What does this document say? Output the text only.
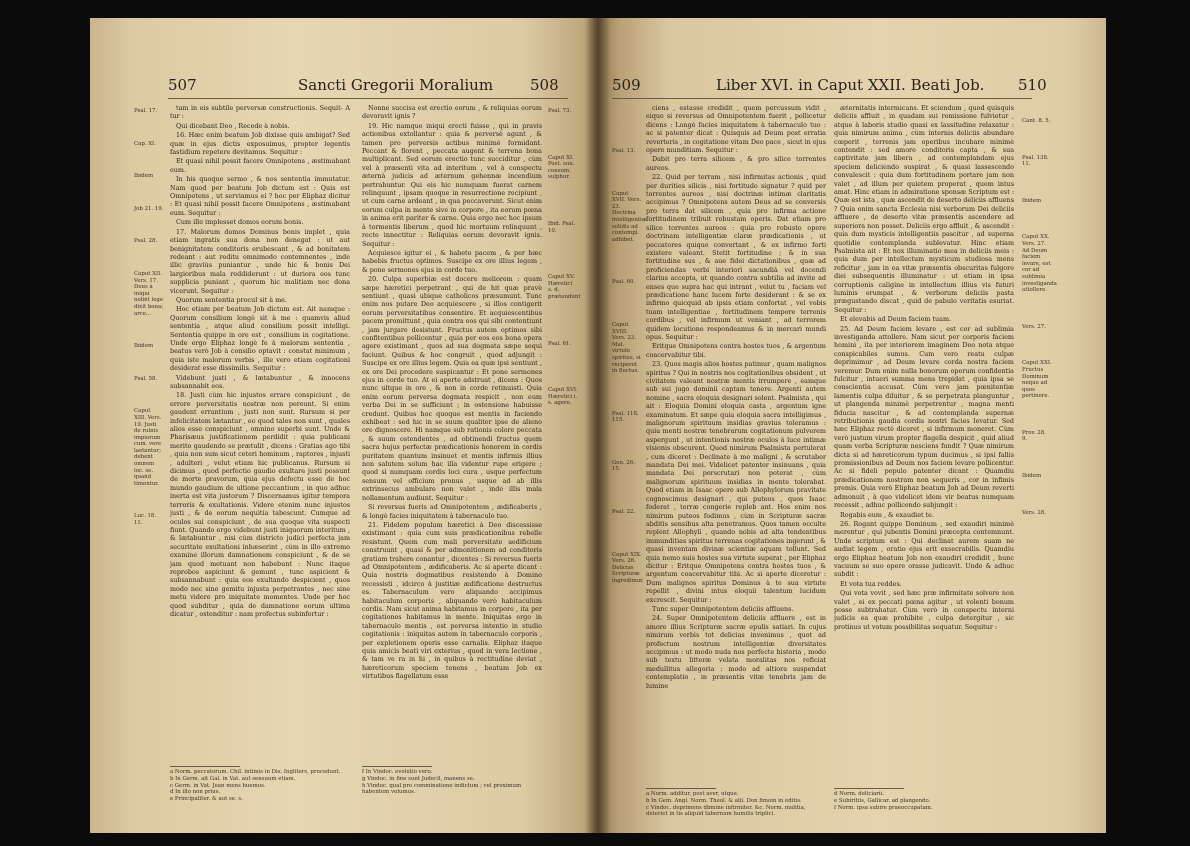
507	Sancti Gregorii Moralium 508
Psal. 17.
Cap. XI.
Ibidem
Job 21. 19.
Psal. 28.
Caput XII. Vers. 17. Deus à iniqui nolint lege dixit bona; arce...
Ibidem
Psal. 58.
Caput XIII. Vers. 19. Justi de ruinis impiorum cum. vere laetantur; debent omnem loc. se. quand timentur.
Luc. 18. 11.

tam in eis subtile perversæ constructionis. Sequit- A tur :

Qui dicebant Deo , Recede à nobis.

16. Hæc enim beatum Job dixisse quis ambigat? Sed quæ in ejus dictis exposuimus, propter legentis fastidium repetere devitamus. Sequitur :

Et quasi nihil possit facere Omnipotens , æstimabant eum.

In his quoque sermo , & nos sententia immutatur. Nam quod per beatum Job dictum est : Quis est Omnipotens , ut serviamus ei ? hoc per Eliphaz dicitur : Et quasi nihil possit facere Omnipotens , æstimabant eum. Sequitur :

Cum ille implesset domos eorum bonis.

17. Malorum domos Dominus bonis implet , quia etiam ingratis sua dona non denegat : ut aut benignitatem conditoris erubescant , & ad bonitatem redeant : aut reditu omnimodo contemnentes , inde illic graviùs puniantur , unde hic & bonis Dei largioribus mala reddiderunt : ut duriora eos tunc supplicia puniant , quorum hic malitiam nec dona vicerunt. Sequitur :

Quorum sententia procul sit à me.

Hoc etiam per beatum Job dictum est. Ait namque : Quorum consilium longè sit à me : quamvis aliud sententia , atque aliud consilium possit intelligi. Sententia quippe in ore est , consilium in cogitatione. Unde ergo Eliphaz longè fe à malorum sententia , beatus verò Job à consilio optavit : constat minimum , quia iste malorum verbis , ille vero etiam cogitationi desiderat esse dissimilis. Sequitur :

Videbunt justi , & lætabuntur , & innocens subsannabit eos.

18. Justi cùm hic injustos errare conspiciunt , de errore perversitatis nostræ non pereunt. Si enim gaudent errantium , justi non sunt. Rursum si per infelicitatem lætantur , eo quod tales non sunt , quales alios esse conspiciunt , omnino superbi sunt. Unde & Pharisæus justificationem perdidit : quia publicani merito gaudendo se prætulit , dicens : Gratias ago tibi , quia non sum sicut ceteri hominum , raptores , injusti , adulteri , velut etiam hic publicanus. Rursum si dicimus , quod perfectio gaudio exultare justi possunt de morte pravorum, quia ejus defectu esse de hoc mundo gaudium de ultione peccantium , in quo adhuc inerta est vita justorum ? Discernamus igitur tempora terroris & exultationis. Videre etenim nunc injustos justi , & de eorum nequitia tabescunt. Cumque ad oculos sui conspiciunt , de sua quoque vita suspecti fiunt. Quando ergo videbunt justi iniquorum interitum , & lætabuntur , nisi cùm districto judici perfecta jam securitate exultationi inhæserint , cùm in illo extremo examine illorum damnationem conspiciunt , & de se jam quod metuant non habebunt : Nunc itaque reprobos aspiciunt & gemunt , tunc aspicient & subsannabunt : quia eos exultando despicient , quos modo nec sine gemitu injusta perpetrantes , nec sine metu videre pro iniquitate momentes. Unde per hoc quod subditur , quia de damnatione eorum ultima dicatur , ostenditur : nam profectus subinfertur :

Nonne succisa est erectio eorum , & reliquias eorum devoravit ignis ?

19. Hic namque iniqui erecti fuisse , qui in pravis actionibus extollantur : quia & perversè agunt , & tamen pro perversis actibus minimè formidant. Peccant & florent , peccata augent & terrena bona multiplicant. Sed eorum erectio tunc succiditur , cùm vel à præsenti vita ad interitum , vel à conspectu æternà judicis ad æternum gehennæ incendium pertrahuntur. Qui eis hic numquam fuerat carnem relinquunt , ipsam quoque in resurrectione recipiunt , ut cum carne ardeant , in qua peccaverunt. Sicut enim eorum culpa in mente sive in corpore , ita eorum pœna in anima erit pariter & carne. Quia ergo nec hoc ipsum à tormentis liberum , quod hic mortuum relinquunt , recte innectitur : Reliquias eorum devoravit ignis. Sequitur :

Acquiesce igitur ei , & habeto pacem , & per hæc habebis fructus optimos. Suscipe ex ore illius legem , & pone sermones ejus in corde tuo.

20. Culpa superbiæ est docere meliorem : quam sæpe hæretici perpetrant , qui de hit quæ pravè sentiunt , quasi ubique catholicos præsumunt. Tunc enim nos putare Deo acquiescere , si illos contigerit eorum perversitatibus consentire. Et acquiescentibus pacem promittunt , quia contra eos qui sibi contentiunt , jam jurgare desistunt. Fructus autem optimos sibi confitentibus pollicentur , quia per eos eos bona opera agere existimant , quos ad sua dogmata sæpe sequi faciunt. Quibus & hoc congruit , quod adjungit : Suscipe ex ore illius legem. Quia ea quæ ipsi sentiunt , ex ore Dei procedere suspicantur : Et pone sermones ejus in corde tuo. At ei aperte adstruat , dicens : Quos nunc ultque in ore , & non in corde retinuisti. Quia enim eorum perversa dogmata respicit , non eum verba Dei in se sufficiunt ; in ostensione habuisse credunt. Quibus hoc quoque est mentis in faciendo exhibeat : sed hic in se suum qualiter ipse de alieno ore dignoscere. Hi namque sub rationis colore peccata , & suum ostendentes , ad obtinendi fructus quem sacra hujus perfectæ prædicationis honorem in cordis puritatem quantum insinuet et mentis infirmis illius non salutem solum hac illa videntur rupe erigere ; quod si numquam cordis loci cura , usque perfectum sensum vel officium pronus , usque ad ab illis extrinsecus ambulare non valet , inde illis mala nollamentum audiunt. Sequitur :

Si reversus fueris ad Omnipotentem , ædificaberis , & longè facies iniquitatem à tabernaculo tuo.

21. Fidelem populum hæretici à Deo discessisse existimant : quia cum suis prædicationibus rebelle resistunt. Quem cum mali perversitate aedificium construunt , quasi & per admonitionem ad conditoris gratiam trahere conantur , dicentes : Si reversus fueris ad Omnipotentem , ædificaberis. Ac si aperte dicant : Quia nostris dogmatibus resistendo à Domino recessisti , idcirco à justitiæ ædificatione destructus es. Tabernaculum vero aliquando accipimus habitaculum corporis , aliquando verò habitaculum cordis. Nam sicut anima habitamus in corpore , ita per cogitationes habitamus in mente. Iniquitas ergo in tabernaculo mentis , est perversa intentio in studio cogitationis : iniquitas autem in tabernaculo corporis , per expletionem operis esse carnalis. Eliphaz itaque quia amicis beati viri exterius , quod in vera lectione , & tam ve ra in hi , in quibus à rectitudine deviat , hæreticorum speciem tenens , beatum Job ex virtutibus flagellatum esse

Psal. 73.
Caput XI. Post. suu. consum. sulphur.
Ibid. Psal. 10.
Caput XV. Hæretici s. d. prætendunt
Psal. 61.
Caput XVI. Hæretici i. s. agere.
a Norm. peccatorum. Chil. intimis in Dis. Ingliters, procedunt.
b In Germ. ait Gal. in Vat. aut sensuum etiam.
c Germ. in Vat. Jean mens huemus.
d In illo non prius.
e Principaliter. & aut se. s.
f In Vindoc. evolutio vero.
g Vindoc. in fine sunt Judecil, manens se.
h Vindoc. qual pro comminatione indictum ; vel proximum habentem volumus.
509	Liber XVI. in Caput XXII. Beati Job. 510
Psal. 13.
Caput XVII. Vers. 23. Doctrina intelligentiæ solidis ad contempl. adhibet.
Psal. 60.
Caput XVIII. Vers. 23. Mal. virtute spiritus, si reciperet in fluctus.
Psal. 118. 115.
Gen. 26. 15.
Psal. 22.
Caput XIX. Vers. 26. Delicias Scripturæ ingredimur.

ciens , estasse credidit , quem percussum vidit , eique si reversus ad Omnipotentem fuerit , pollicetur dicens : Longè facies iniquitatem à tabernaculo tuo : ac si patenter dicat : Quisquis ad Deum post erratia reverteris , in cogitatione vitam Deo pace , sicut in ejus opere munditiam. Sequitur :

Dabit pro terra silicem , & pro silice torrentes aureos.

22. Quid per terram , nisi infirmitas actionis , quid per durities silicis , nisi fortitudo signatur ? quid per torrentes aureos , nisi doctrinæ intimæ claritatis accipimus ? Omnipotens autem Deus ad se conversis pro terra dat silicem , quia pro infirma actione fortitudinem tribuit robustam operis. Dat etiam pro silice torrentes aureos : quia pro robusto opere doctrinam intelligentiæ claræ prædicationis , ut peccatores quique convertant , & ex infirmo forti existere valeant. Stetit fortitudine ; & in sua fortitudine sus , & aue fidei dictationibus , quæ ad proficiendas verbi interiorì sacundià vel docendi clarius accepta, ut quando contra subtilia ad invite ad enses que supra hac qui intrant , velut tu , faciam vel prædicatione hanc lucem forte desiderant : & se ex infirmo quicquid ab ipsis etiam confortat , vel vobis tuam intelligentiae , fortitudinem tempore terrenis cordibus , vel infirmum ut veniant , ad terrorem quidem locutione respondeamus & in mercari mundi opus. Sequitur :

Eritque Omnipotens contra hostes tuos , & argentum coacervabitur tibi.

23. Quos magis alios hostes patimur , quam malignos spiritus ? Qui in nostris nos cogitationibus obsident , ut civitatem valeant nostræ mentis irrumpere , eamque sub sui jugo dominii captam tenere. Argenti autem nomine , sacra eloquia designari solent. Psalmista , qui ait : Eloquia Domini eloquia casta , argentum igne examinatum. Et sæpe quia eloquia sacra intelligimus , malignorum spirituum insidias gravius toleramus : quia menti nostræ tenebrarum cogitationum pulverem aspergunt , ut intentionis nostræ oculos à luce intimæ visionis obscurent. Quod nimirum Psalmista pertulerat , cum diceret : Declinate à me maligni , & scrutabor mandata Dei mei. Videlicet patenter insinuans , quia mandata Dei perscrutari non poterat , cùm malignorum spirituum insidias in mente tolerabat. Quod etiam in Isaac opere sub Allophylorum pravitate cognoscimus designari , qui puteos , quos Isaac foderat , terræ congerie repleb ant. Hos enim nos nimirum puteos fodimus , cùm in Scripturæ sacræ abditis sensibus alta penetramus. Quos tamen occulte replent Allophyli , quando nobis ad alta tendentibus immunditias spiritus terrenas cogitationes ingerunt , & quasi inventam divinæ scientiæ aquam tollunt. Sed quia nemo suis hostes sua virtute superat , per Eliphaz dicitur : Eritque Omnipotens contra hostes tuos , & argentum coacervabitur tibi. Ac si aperte diceretur : Dum malignos spiritus Dominus à te sua virtute repellit , divini intus eloquii talentum lucidum excrescit. Sequitur :

Tunc super Omnipotentem deliciis affluens.

24. Super Omnipotentem deliciis affluere , est in amore illius Scripturæ sacræ epulis satiari. In cujus nimirum verbis tot delicias invenimus , quot ad profectum nostrum intelligentiæ diversitates accipimus : ut modo nuda nos perfecte historia , modo sub textu litteræ velata moralitas nos reficiat medullitus allegoria : modo ad altiora suspendat contemplatio , in præsentis vitæ tenebris jam de lumine

æternitatis intermicans. Et sciendum , quod quisquis deliciis affluit , in quadam sui remissione fulvietur , atque à laboris studio quasi ex lassitudine relaxatur : quia nimirum anima , cùm internis deliciis abundare cœperit , terrenis jam operibus incubare minimè contendit : sed amore conditoris capta , & sua captivitate jam libera , ad contemplandam ejus speciem deliciendo suspirat , & quasi lassescendo convalescit : quia dum fortitudinem portare jam non valet , ad illum per quietem properat , quem intus amat. Hinc etiam in admiratione sponsæ Scriptum est : Quæ est ista , quæ ascendit de deserto deliciis affluens ? Quia enim sancta Ecclesia nisi verborum Dei deliciis affluere , de deserto vitæ præsentis ascendere ad superiora non posset. Deliciis ergo affluit , & ascendit : quia dum mysticis intelligentiis pascitur , ad superna quotidie contemplanda sublevatur. Hinc etiam Psalmista ait : Et nox illuminatio mea in deliciis meis : quia dum per intellectum mysticum studiosa mens reficitur , jam in ea vitæ præsentis obscuritas fulgore diei subsequentis illuminatur : ut etiam in ipsa corruptionis caligine in intellectum illius vis futuri luminis erumpat , & verborum deliciis pasta prægustando discat , quid de pabulo veritatis esuriat. Sequitur :

Et elevabis ad Deum faciem tuam.

25. Ad Deum faciem levare , est cor ad sublimia investiganda attollere. Nam sicut per corporis faciem homini , ita per interiorem imaginem Deo nota atque conspicabiles sumus. Cum vero reatu culpæ deprimimur , ad Deum levare corda nostra faciem veremur. Dum enim nulla bonorum operum confidentia fulcitur , intueri summa mens trepidat , quia ipsa se conscientia accusat. Cùm vero jam pœnitentiæ lamentis culpa diluitur , & se perpetrata planguntur , ut plangenda minimè perpetrentur , magna menti fiducia nascitur , & ad contemplanda supernæ retributionis gaudia cordis nostri facies levatur. Sed hæc Eliphaz rectè diceret , si infirmum moneret. Cùm verò justum virum propter flagella despicit , quid aliud quam verba Scripturæ nesciens fundit ? Quæ nimirum dicta si ad hæreticorum typum ducimus , si ipsi fallis promissionibus ad Deum nos faciem levare pollicentur. Ac si fideli populo patenter dicant : Quamdiu prædicationem nostram non sequeris , cor in infimis premis. Quia verò Eliphaz beatum Job ad Deum reverti admonuit , à quo videlicet idem vir beatus numquam recessit , adhuc pollicendo subjungit :

Rogabis eum , & exaudiet te.

26. Rogant quippe Dominum , sed exaudiri minimè merentur , qui jubentis Domini præcepta contemnunt. Unde scriptum est : Qui declinat aurem suam ne audiat legem , oratio ejus erit exsecrabilis. Quamdiu ergo Eliphaz beatum Job non exaudiri credidit , hunc vacuum se suo opere orasse judicavit. Unde & adhuc subdit :

Et vota tua reddes.

Qui vota vovit , sed hæc præ infirmitate solvere non valet , ei ex peccati pœna agitur , ut volenti bonum posse subtrahatur. Cùm verò in conspectu interni judicis ea quæ prohibite , culpa detergitur , sic protinus ut votum possibilitas sequatur. Sequitur :

Cant. 8. 5.
Psal. 138. 11.
Ibidem
Caput XX. Vers. 27. Ad Deum faciem levare, est cor ad sublimia investiganda attollere.
Vers. 27.
Caput XXI. Fructus Dominum neque ad quos pertinere.
Prov. 28. 9.
Ibidem
Vers. 28.
a Norm. additur, post aver, utque.
b In Gem. Angl. Norm. Theol. & alii. Don fimoin in editis.
c Vindoc. deprimens dbmine infirmiter. &c. Norm. malitia, deteriet in tis aliquid tabernum humilis triplici.
d Norm. deliciarii.
e Subiritiis, Gallicar. ad plangendo.
f Norm. ipsa subire praeoccupatam.
